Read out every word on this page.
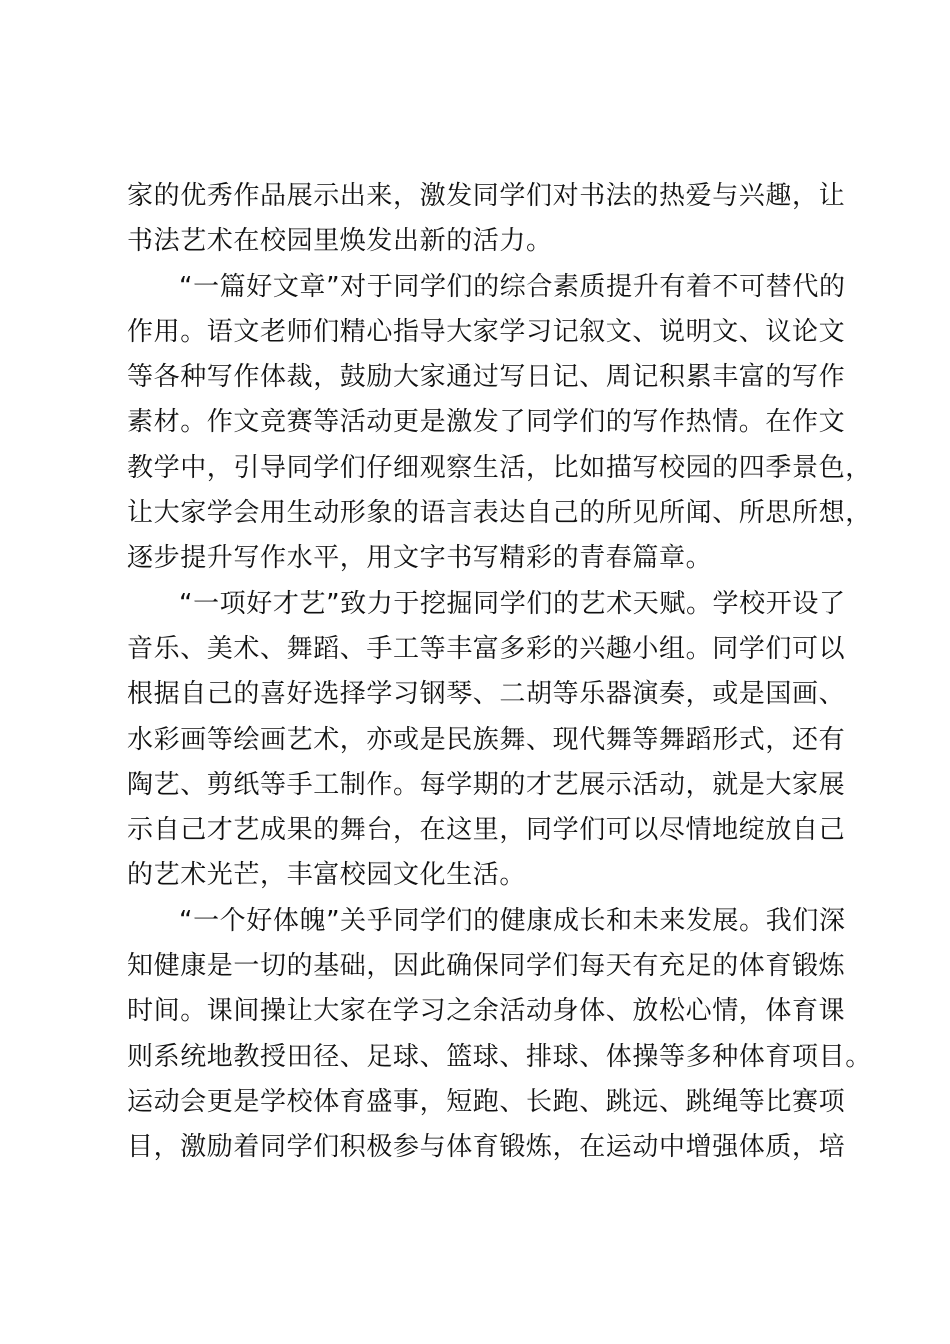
家的优秀作品展示出来，激发同学们对书法的热爱与兴趣，让
书法艺术在校园里焕发出新的活力。
“一篇好文章”对于同学们的综合素质提升有着不可替代的
作用。语文老师们精心指导大家学习记叙文、说明文、议论文
等各种写作体裁，鼓励大家通过写日记、周记积累丰富的写作
素材。作文竞赛等活动更是激发了同学们的写作热情。在作文
教学中，引导同学们仔细观察生活，比如描写校园的四季景色，
让大家学会用生动形象的语言表达自己的所见所闻、所思所想，
逐步提升写作水平，用文字书写精彩的青春篇章。
“一项好才艺”致力于挖掘同学们的艺术天赋。学校开设了
音乐、美术、舞蹈、手工等丰富多彩的兴趣小组。同学们可以
根据自己的喜好选择学习钢琴、二胡等乐器演奏，或是国画、
水彩画等绘画艺术，亦或是民族舞、现代舞等舞蹈形式，还有
陶艺、剪纸等手工制作。每学期的才艺展示活动，就是大家展
示自己才艺成果的舞台，在这里，同学们可以尽情地绽放自己
的艺术光芒，丰富校园文化生活。
“一个好体魄”关乎同学们的健康成长和未来发展。我们深
知健康是一切的基础，因此确保同学们每天有充足的体育锻炼
时间。课间操让大家在学习之余活动身体、放松心情，体育课
则系统地教授田径、足球、篮球、排球、体操等多种体育项目。
运动会更是学校体育盛事，短跑、长跑、跳远、跳绳等比赛项
目，激励着同学们积极参与体育锻炼，在运动中增强体质，培
